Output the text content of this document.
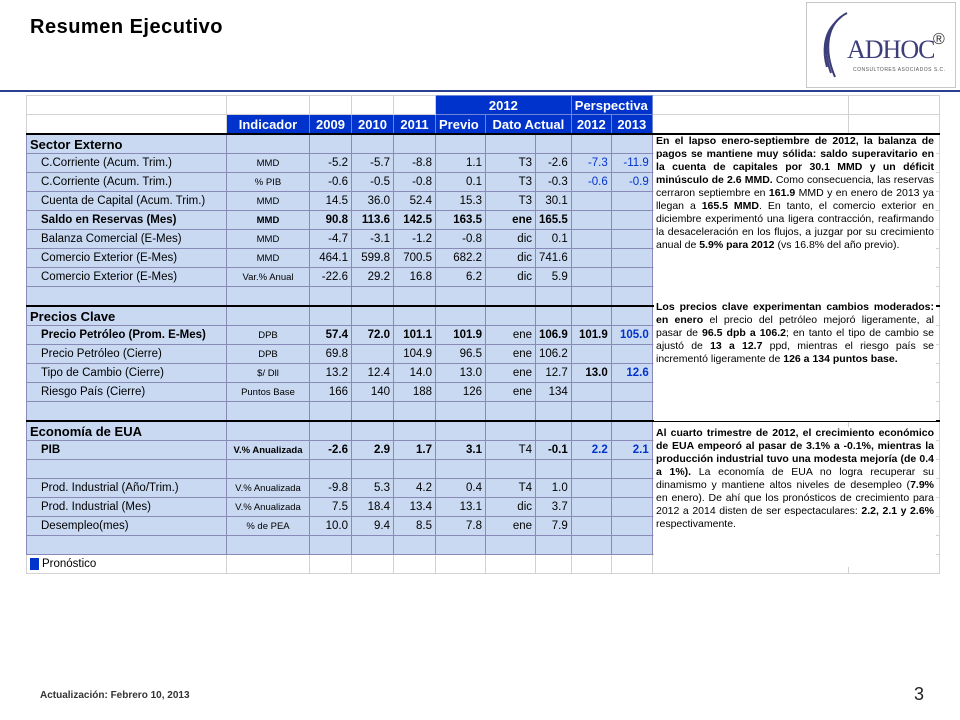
Resumen Ejecutivo
ADHOC
®
CONSULTORES ASOCIADOS S.C.
					2012			Perspectiva			
	Indicador	2009	2010	2011	Previo	Dato Actual		2012	2013		
Sector Externo											
C.Corriente (Acum. Trim.)	MMD	-5.2	-5.7	-8.8	1.1	T3	-2.6	-7.3	-11.9		
C.Corriente (Acum. Trim.)	% PIB	-0.6	-0.5	-0.8	0.1	T3	-0.3	-0.6	-0.9		
Cuenta de Capital (Acum. Trim.)	MMD	14.5	36.0	52.4	15.3	T3	30.1				
Saldo en Reservas (Mes)	MMD	90.8	113.6	142.5	163.5	ene	165.5				
Balanza Comercial (E-Mes)	MMD	-4.7	-3.1	-1.2	-0.8	dic	0.1				
Comercio Exterior (E-Mes)	MMD	464.1	599.8	700.5	682.2	dic	741.6				
Comercio Exterior (E-Mes)	Var.% Anual	-22.6	29.2	16.8	6.2	dic	5.9				

Precios Clave											
Precio Petróleo (Prom. E-Mes)	DPB	57.4	72.0	101.1	101.9	ene	106.9	101.9	105.0		
Precio Petróleo (Cierre)	DPB	69.8		104.9	96.5	ene	106.2				
Tipo de Cambio (Cierre)	$/ Dll	13.2	12.4	14.0	13.0	ene	12.7	13.0	12.6		
Riesgo País (Cierre)	Puntos Base	166	140	188	126	ene	134				

Economía de EUA											
PIB	V.% Anualizada	-2.6	2.9	1.7	3.1	T4	-0.1	2.2	2.1		

Prod. Industrial (Año/Trim.)	V.% Anualizada	-9.8	5.3	4.2	0.4	T4	1.0				
Prod. Industrial (Mes)	V.% Anualizada	7.5	18.4	13.4	13.1	dic	3.7				
Desempleo(mes)	% de PEA	10.0	9.4	8.5	7.8	ene	7.9				

Pronóstico											
En el lapso enero-septiembre de 2012, la balanza de pagos se mantiene muy sólida: saldo superavitario en la cuenta de capitales por 30.1 MMD y un déficit minúsculo de 2.6 MMD. Como consecuencia, las reservas cerraron septiembre en 161.9 MMD y en enero de 2013 ya llegan a 165.5 MMD. En tanto, el comercio exterior en diciembre experimentó una ligera contracción, reafirmando la desaceleración en los flujos, a juzgar por su crecimiento anual de 5.9% para 2012 (vs 16.8% del año previo).
Los precios clave experimentan cambios moderados: en enero el precio del petróleo mejoró ligeramente, al pasar de 96.5 dpb a 106.2; en tanto el tipo de cambio se ajustó de 13 a 12.7 ppd, mientras el riesgo país se incrementó ligeramente de 126 a 134 puntos base.
Al cuarto trimestre de 2012, el crecimiento económico de EUA empeoró al pasar de 3.1% a -0.1%, mientras la producción industrial tuvo una modesta mejoría (de 0.4 a 1%). La economía de EUA no logra recuperar su dinamismo y mantiene altos niveles de desempleo (7.9% en enero). De ahí que los pronósticos de crecimiento para 2012 a 2014 disten de ser espectaculares: 2.2, 2.1 y 2.6% respectivamente.
Actualización: Febrero 10, 2013	3
